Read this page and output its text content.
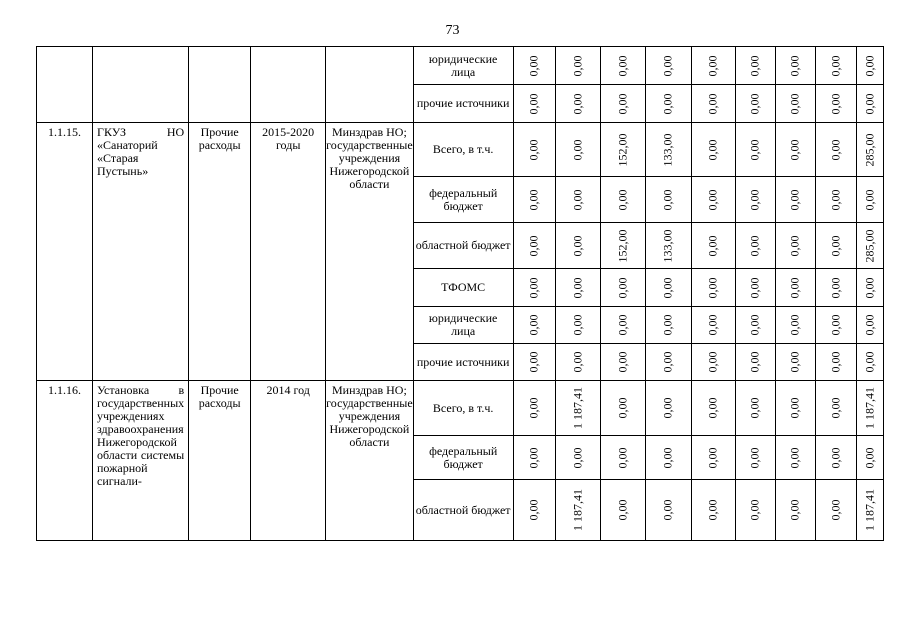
73
					юридические лица	0,00	0,00	0,00	0,00	0,00	0,00	0,00	0,00	0,00

					прочие источники	0,00	0,00	0,00	0,00	0,00	0,00	0,00	0,00	0,00

1.1.15.	ГКУЗ НО «Санаторий «Старая Пустынь»	Прочие расходы	2015-2020 годы	Минздрав НО; государственные учреждения Нижегородской области	Всего, в т.ч.	0,00	0,00	152,00	133,00	0,00	0,00	0,00	0,00	285,00

					федеральный бюджет	0,00	0,00	0,00	0,00	0,00	0,00	0,00	0,00	0,00

					областной бюджет	0,00	0,00	152,00	133,00	0,00	0,00	0,00	0,00	285,00

					ТФОМС	0,00	0,00	0,00	0,00	0,00	0,00	0,00	0,00	0,00

					юридические лица	0,00	0,00	0,00	0,00	0,00	0,00	0,00	0,00	0,00

					прочие источники	0,00	0,00	0,00	0,00	0,00	0,00	0,00	0,00	0,00

1.1.16.	Установка в государственных учреждениях здравоохранения Нижегородской области системы пожарной сигнали-	Прочие расходы	2014 год	Минздрав НО; государственные учреждения Нижегородской области	Всего, в т.ч.	0,00	1 187,41	0,00	0,00	0,00	0,00	0,00	0,00	1 187,41

					федеральный бюджет	0,00	0,00	0,00	0,00	0,00	0,00	0,00	0,00	0,00

					областной бюджет	0,00	1 187,41	0,00	0,00	0,00	0,00	0,00	0,00	1 187,41
